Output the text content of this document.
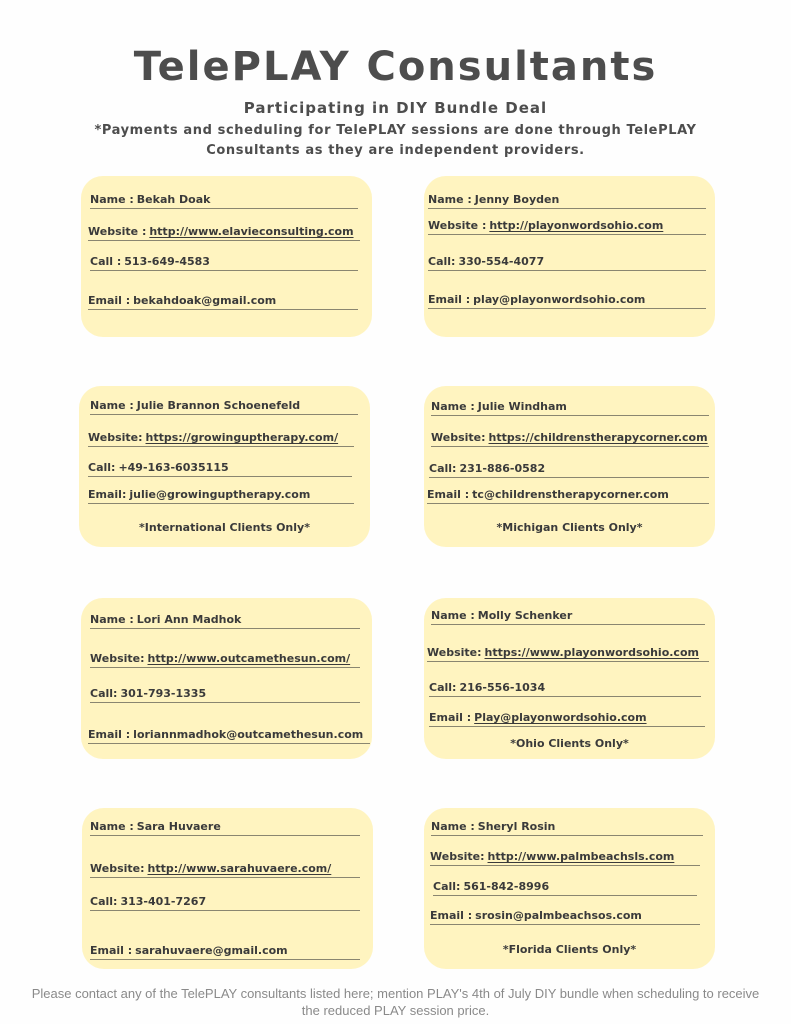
TelePLAY Consultants
Participating in DIY Bundle Deal
*Payments and scheduling for TelePLAY sessions are done through TelePLAY Consultants as they are independent providers.
Name : Bekah Doak
Website : http://www.elavieconsulting.com
Call : 513-649-4583
Email : bekahdoak@gmail.com
Name : Jenny Boyden
Website : http://playonwordsohio.com
Call: 330-554-4077
Email : play@playonwordsohio.com
Name : Julie Brannon Schoenefeld
Website: https://growinguptherapy.com/
Call: +49-163-6035115
Email: julie@growinguptherapy.com
*International Clients Only*
Name : Julie Windham
Website: https://childrenstherapycorner.com
Call: 231-886-0582
Email : tc@childrenstherapycorner.com
*Michigan Clients Only*
Name : Lori Ann Madhok
Website: http://www.outcamethesun.com/
Call: 301-793-1335
Email : loriannmadhok@outcamethesun.com
Name : Molly Schenker
Website: https://www.playonwordsohio.com
Call: 216-556-1034
Email : Play@playonwordsohio.com
*Ohio Clients Only*
Name : Sara Huvaere
Website: http://www.sarahuvaere.com/
Call: 313-401-7267
Email : sarahuvaere@gmail.com
Name : Sheryl Rosin
Website: http://www.palmbeachsls.com
Call: 561-842-8996
Email : srosin@palmbeachsos.com
*Florida Clients Only*
Please contact any of the TelePLAY consultants listed here; mention PLAY's 4th of July DIY bundle when scheduling to receive the reduced PLAY session price.
